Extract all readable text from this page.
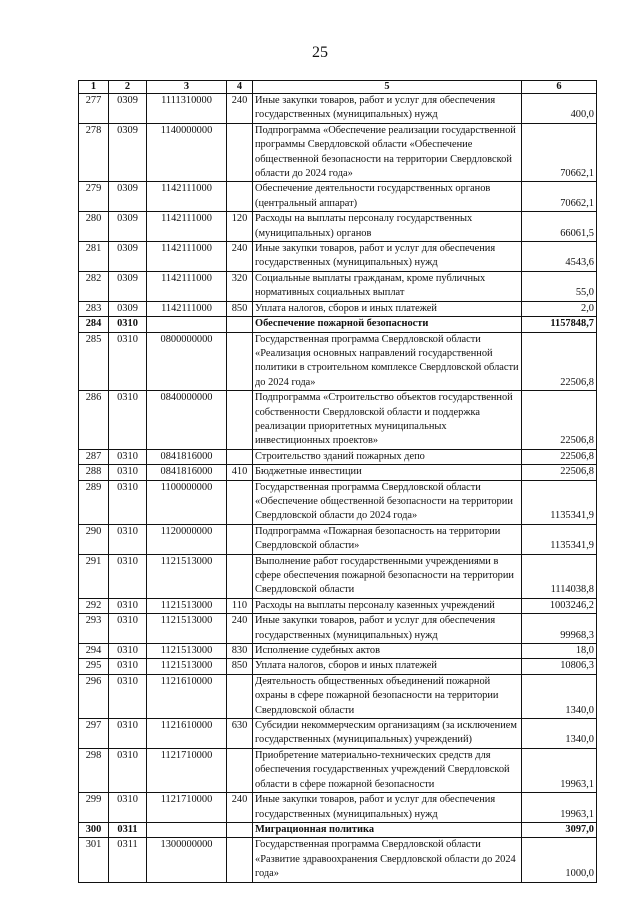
25
1	2	3	4	5	6
277	0309	1111310000	240	Иные закупки товаров, работ и услуг для обеспечения государственных (муниципальных) нужд	400,0
278	0309	1140000000		Подпрограмма «Обеспечение реализации государственной программы Свердловской области «Обеспечение общественной безопасности на территории Свердловской области до 2024 года»	70662,1
279	0309	1142111000		Обеспечение деятельности государственных органов (центральный аппарат)	70662,1
280	0309	1142111000	120	Расходы на выплаты персоналу государственных (муниципальных) органов	66061,5
281	0309	1142111000	240	Иные закупки товаров, работ и услуг для обеспечения государственных (муниципальных) нужд	4543,6
282	0309	1142111000	320	Социальные выплаты гражданам, кроме публичных нормативных социальных выплат	55,0
283	0309	1142111000	850	Уплата налогов, сборов и иных платежей	2,0
284	0310			Обеспечение пожарной безопасности	1157848,7
285	0310	0800000000		Государственная программа Свердловской области «Реализация основных направлений государственной политики в строительном комплексе Свердловской области до 2024 года»	22506,8
286	0310	0840000000		Подпрограмма «Строительство объектов государственной собственности Свердловской области и поддержка реализации приоритетных муниципальных инвестиционных проектов»	22506,8
287	0310	0841816000		Строительство зданий пожарных депо	22506,8
288	0310	0841816000	410	Бюджетные инвестиции	22506,8
289	0310	1100000000		Государственная программа Свердловской области «Обеспечение общественной безопасности на территории Свердловской области до 2024 года»	1135341,9
290	0310	1120000000		Подпрограмма «Пожарная безопасность на территории Свердловской области»	1135341,9
291	0310	1121513000		Выполнение работ государственными учреждениями в сфере обеспечения пожарной безопасности на территории Свердловской области	1114038,8
292	0310	1121513000	110	Расходы на выплаты персоналу казенных учреждений	1003246,2
293	0310	1121513000	240	Иные закупки товаров, работ и услуг для обеспечения государственных (муниципальных) нужд	99968,3
294	0310	1121513000	830	Исполнение судебных актов	18,0
295	0310	1121513000	850	Уплата налогов, сборов и иных платежей	10806,3
296	0310	1121610000		Деятельность общественных объединений пожарной охраны в сфере пожарной безопасности на территории Свердловской области	1340,0
297	0310	1121610000	630	Субсидии некоммерческим организациям (за исключением государственных (муниципальных) учреждений)	1340,0
298	0310	1121710000		Приобретение материально-технических средств для обеспечения государственных учреждений Свердловской области в сфере пожарной безопасности	19963,1
299	0310	1121710000	240	Иные закупки товаров, работ и услуг для обеспечения государственных (муниципальных) нужд	19963,1
300	0311			Миграционная политика	3097,0
301	0311	1300000000		Государственная программа Свердловской области «Развитие здравоохранения Свердловской области до 2024 года»	1000,0
